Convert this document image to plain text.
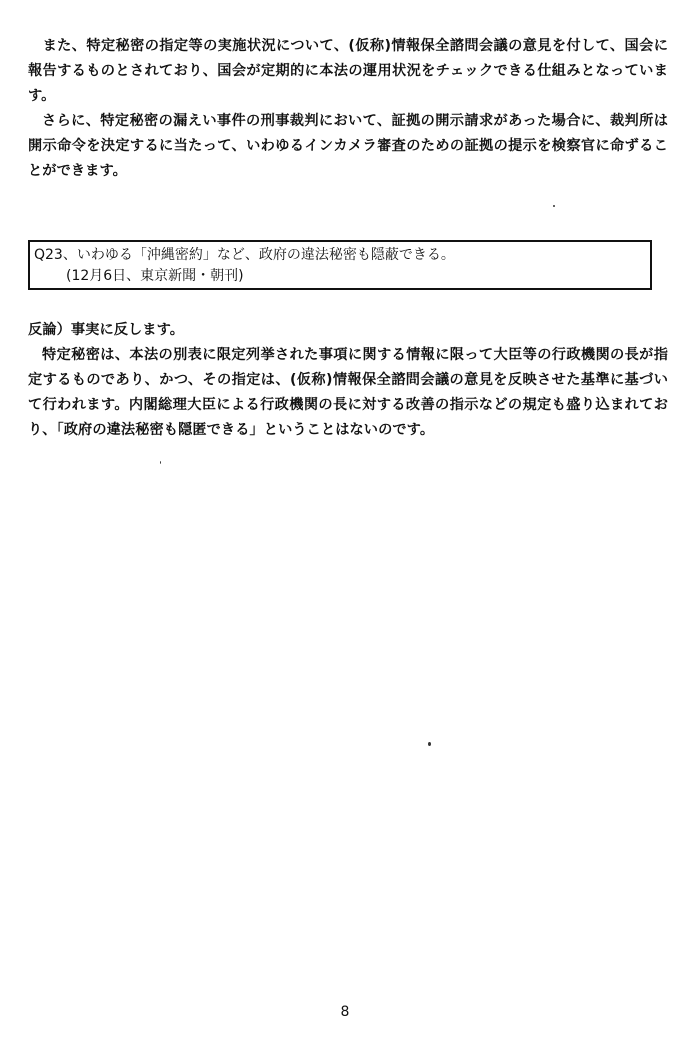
　また、特定秘密の指定等の実施状況について、(仮称)情報保全諮問会議の意見を付して、国会に報告するものとされており、国会が定期的に本法の運用状況をチェックできる仕組みとなっています。

さらに、特定秘密の漏えい事件の刑事裁判において、証拠の開示請求があった場合に、裁判所は開示命令を決定するに当たって、いわゆるインカメラ審査のための証拠の提示を検察官に命ずることができます。

Q23、いわゆる「沖縄密約」など、政府の違法秘密も隠蔽できる。

(12月6日、東京新聞・朝刊)

反論）事実に反します。

特定秘密は、本法の別表に限定列挙された事項に関する情報に限って大臣等の行政機関の長が指定するものであり、かつ、その指定は、(仮称)情報保全諮問会議の意見を反映させた基準に基づいて行われます。内閣総理大臣による行政機関の長に対する改善の指示などの規定も盛り込まれており、「政府の違法秘密も隠匿できる」ということはないのです。

8
